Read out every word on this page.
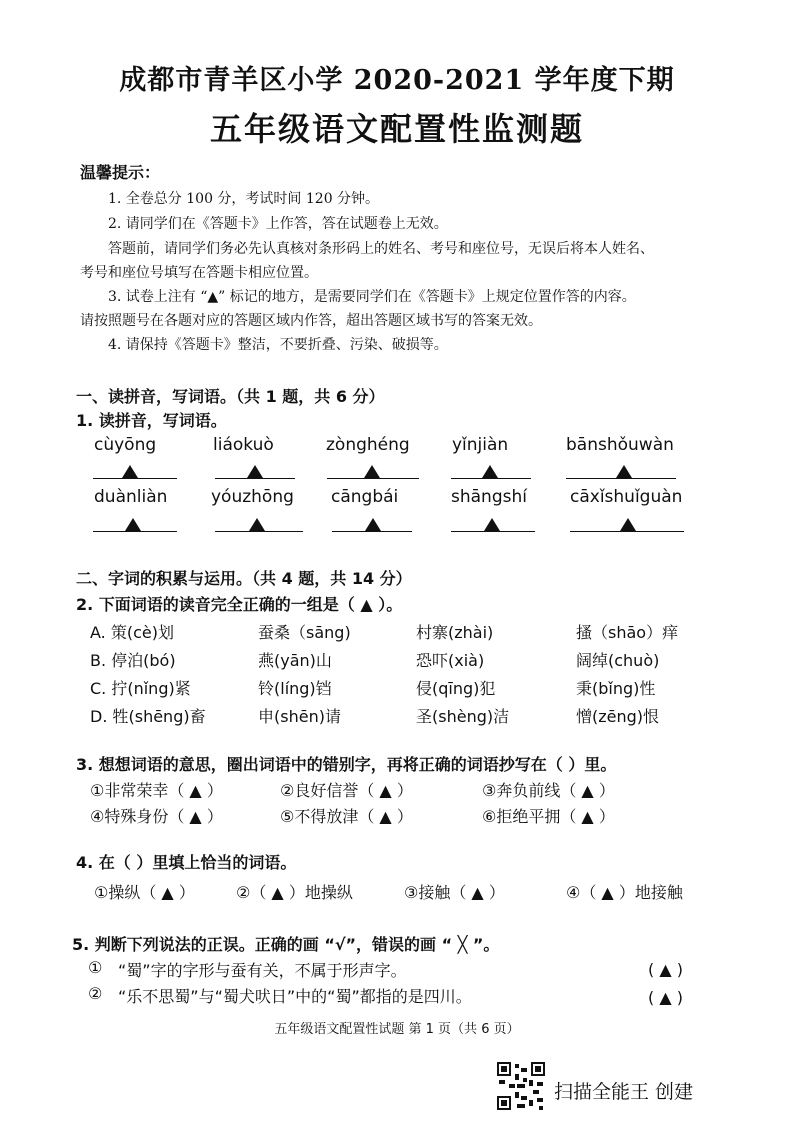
成都市青羊区小学 2020-2021 学年度下期
五年级语文配置性监测题
温馨提示：
1. 全卷总分 100 分，考试时间 120 分钟。
2. 请同学们在《答题卡》上作答，答在试题卷上无效。
答题前，请同学们务必先认真核对条形码上的姓名、考号和座位号，无误后将本人姓名、
考号和座位号填写在答题卡相应位置。
3. 试卷上注有 “▲” 标记的地方，是需要同学们在《答题卡》上规定位置作答的内容。
请按照题号在各题对应的答题区域内作答，超出答题区域书写的答案无效。
4. 请保持《答题卡》整洁，不要折叠、污染、破损等。
一、读拼音，写词语。（共 1 题，共 6 分）
1. 读拼音，写词语。
cùyōng	liáokuò	zònghéng yǐnjiàn	bānshǒuwàn
duànliàn	yóuzhōng cāngbái	shāngshí	cāxǐshuǐguàn
二、字词的积累与运用。（共 4 题，共 14 分）
2. 下面词语的读音完全正确的一组是（ ▲ ）。
A. 策(cè)划	蚕桑（sāng)	村寨(zhài)	搔（shāo）痒
B. 停泊(bó)	燕(yān)山	恐吓(xià)	阔绰(chuò)
C. 拧(nǐng)紧	铃(líng)铛	侵(qīng)犯	秉(bǐng)性
D. 牲(shēng)畜	申(shēn)请	圣(shèng)洁	憎(zēng)恨
3. 想想词语的意思，圈出词语中的错别字，再将正确的词语抄写在（ ）里。
①非常荣幸（ ▲ ）	②良好信誉（ ▲ ）	③奔负前线（ ▲ ）
④特殊身份（ ▲ ）	⑤不得放津（ ▲ ）	⑥拒绝平拥（ ▲ ）
4. 在（ ）里填上恰当的词语。
①操纵（ ▲ ）	②（ ▲ ）地操纵	③接触（ ▲ ）	④（ ▲ ）地接触
5. 判断下列说法的正误。正确的画 “√”，错误的画 “ ╳ ”。
① “蜀”字的字形与蚕有关，不属于形声字。	( ▲ )
② “乐不思蜀”与“蜀犬吠日”中的“蜀”都指的是四川。	( ▲ )
五年级语文配置性试题 第 1 页（共 6 页）
扫描全能王 创建
